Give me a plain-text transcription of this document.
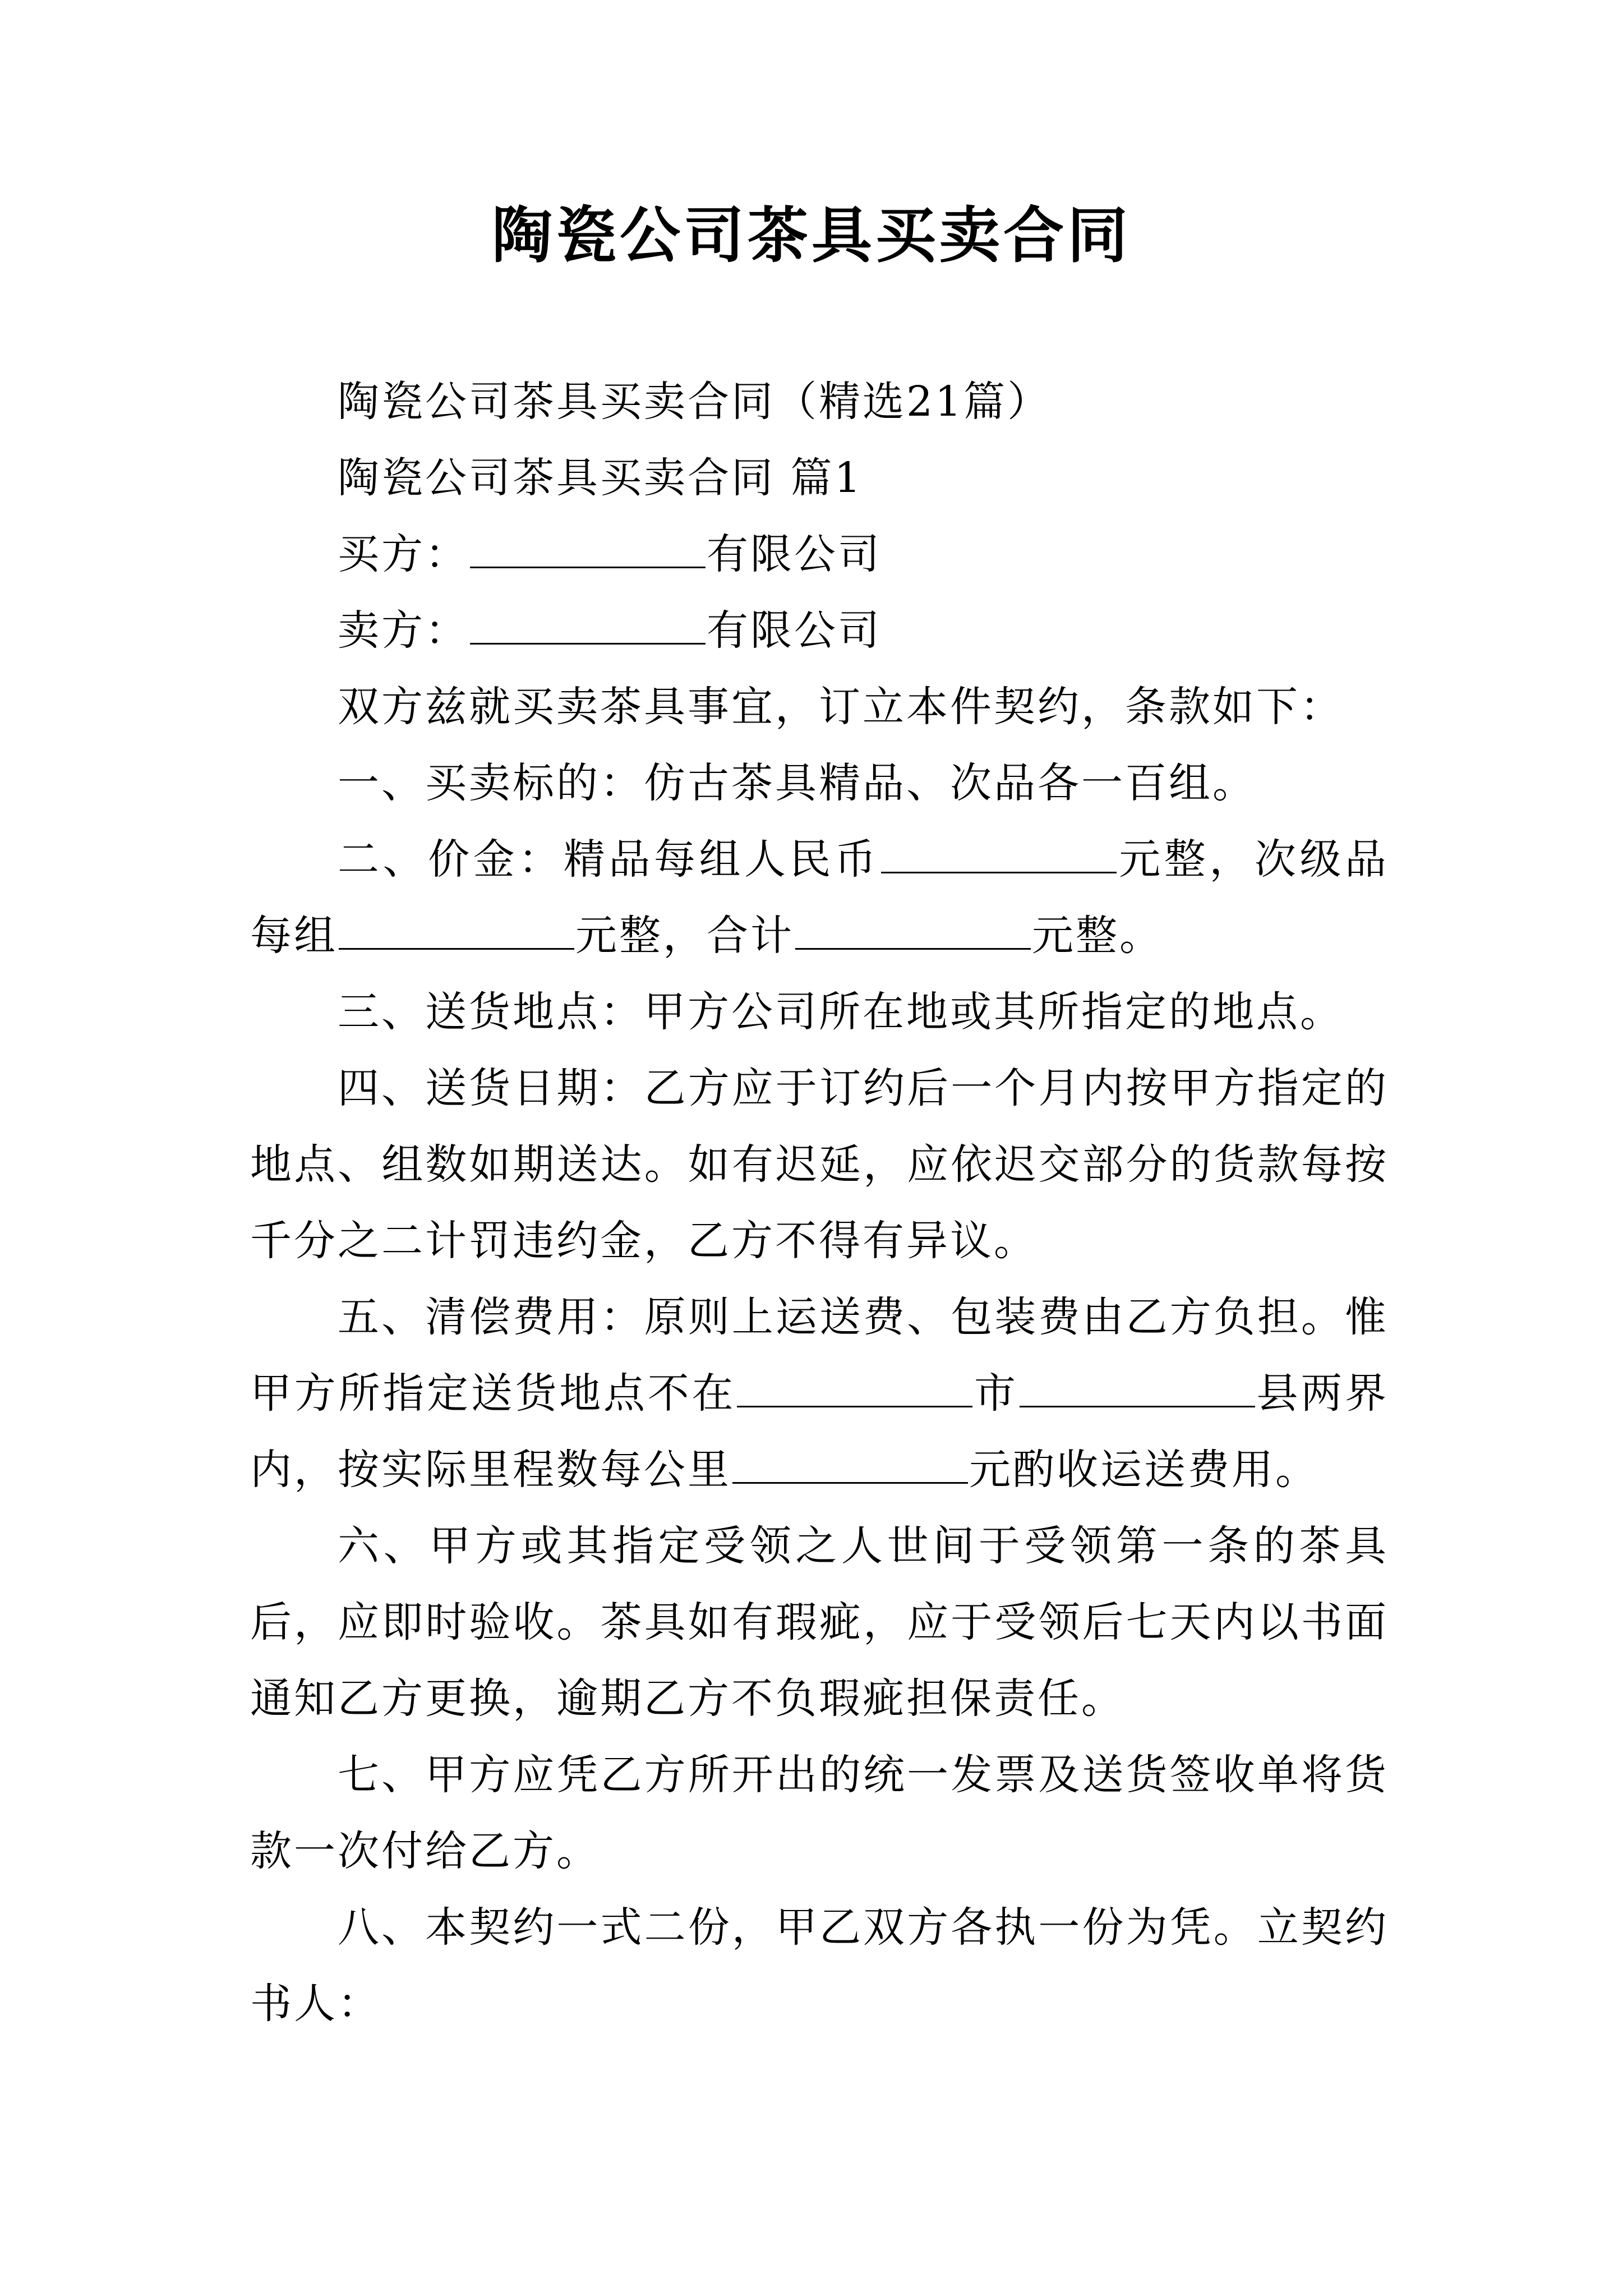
陶瓷公司茶具买卖合同

陶瓷公司茶具买卖合同（精选21篇）

陶瓷公司茶具买卖合同 篇1

买方：	有限公司

卖方：	有限公司

双方兹就买卖茶具事宜，订立本件契约，条款如下：

一、买卖标的：仿古茶具精品、次品各一百组。

二、价金：精品每组人民币	元整，次级品每组	元整，合计	元整。

三、送货地点：甲方公司所在地或其所指定的地点。

四、送货日期：乙方应于订约后一个月内按甲方指定的地点、组数如期送达。如有迟延，应依迟交部分的货款每按千分之二计罚违约金，乙方不得有异议。

五、清偿费用：原则上运送费、包装费由乙方负担。惟甲方所指定送货地点不在	市	县两界内，按实际里程数每公里	元酌收运送费用。

六、甲方或其指定受领之人世间于受领第一条的茶具后，应即时验收。茶具如有瑕疵，应于受领后七天内以书面通知乙方更换，逾期乙方不负瑕疵担保责任。

七、甲方应凭乙方所开出的统一发票及送货签收单将货款一次付给乙方。

八、本契约一式二份，甲乙双方各执一份为凭。立契约书人：
